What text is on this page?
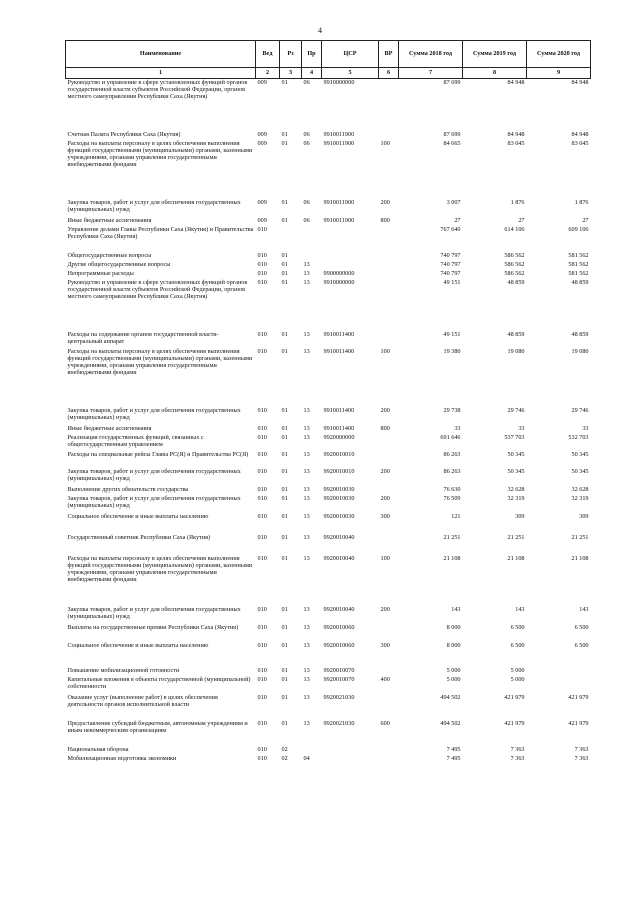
4
Наименование	Вед	Рз	Пр	ЦСР	ВР	Сумма 2018 год	Сумма 2019 год	Сумма 2020 год
1	2	3	4	5	6	7	8	9
Руководство и управление в сфере установленных функций органов государственной власти субъектов Российской Федерации, органов местного самоуправления Республики Саха (Якутия)	009	01	06	9910000000		87 699	84 948	84 948
Счетная Палата Республики Саха (Якутия)	009	01	06	9910011900		87 699	84 948	84 948
Расходы на выплаты персоналу в целях обеспечения выполнения функций государственными (муниципальными) органами, казенными учреждениями, органами управления государственными внебюджетными фондами	009	01	06	9910011900	100	84 665	83 045	83 045
Закупка товаров, работ и услуг для обеспечения государственных (муниципальных) нужд	009	01	06	9910011900	200	3 007	1 876	1 876
Иные бюджетные ассигнования	009	01	06	9910011900	800	27	27	27
Управление делами Главы Республики Саха (Якутия) и Правительства Республики Саха (Якутия)	010					767 640	614 106	609 106
Общегосударственные вопросы	010	01				740 797	586 562	581 562
Другие общегосударственные вопросы	010	01	13			740 797	586 562	581 562
Непрограммные расходы	010	01	13	9900000000		740 797	586 562	581 562
Руководство и управление в сфере установленных функций органов государственной власти субъектов Российской Федерации, органов местного самоуправления Республики Саха (Якутия)	010	01	13	9910000000		49 151	48 859	48 859
Расходы на содержание органов государственной власти- центральный аппарат	010	01	13	9910011400		49 151	48 859	48 859
Расходы на выплаты персоналу в целях обеспечения выполнения функций государственными (муниципальными) органами, казенными учреждениями, органами управления государственными внебюджетными фондами	010	01	13	9910011400	100	19 380	19 080	19 080
Закупка товаров, работ и услуг для обеспечения государственных (муниципальных) нужд	010	01	13	9910011400	200	29 738	29 746	29 746
Иные бюджетные ассигнования	010	01	13	9910011400	800	33	33	33
Реализация государственных функций, связанных с общегосударственным управлением	010	01	13	9920000000		691 646	537 703	532 703
Расходы на специальные рейсы Главы РС(Я) и Правительства РС(Я)	010	01	13	9920010010		86 263	50 345	50 345
Закупка товаров, работ и услуг для обеспечения государственных (муниципальных) нужд	010	01	13	9920010010	200	86 263	50 345	50 345
Выполнение других обязательств государства	010	01	13	9920010030		76 630	32 628	32 628
Закупка товаров, работ и услуг для обеспечения государственных (муниципальных) нужд	010	01	13	9920010030	200	76 509	32 319	32 319
Социальное обеспечение и иные выплаты населению	010	01	13	9920010030	300	121	309	309
Государственный советник Республики Саха (Якутия)	010	01	13	9920010040		21 251	21 251	21 251
Расходы на выплаты персоналу в целях обеспечения выполнения функций государственными (муниципальными) органами, казенными учреждениями, органами управления государственными внебюджетными фондами	010	01	13	9920010040	100	21 108	21 108	21 108
Закупка товаров, работ и услуг для обеспечения государственных (муниципальных) нужд	010	01	13	9920010040	200	143	143	143
Выплаты на государственные премии Республики Саха (Якутия)	010	01	13	9920010060		8 000	6 500	6 500
Социальное обеспечение и иные выплаты населению	010	01	13	9920010060	300	8 000	6 500	6 500
Повышение мобилизационной готовности	010	01	13	9920010070		5 000	5 000	
Капитальные вложения в объекты государственной (муниципальной) собственности	010	01	13	9920010070	400	5 000	5 000	
Оказание услуг (выполнение работ) в целях обеспечения деятельности органов исполнительной власти	010	01	13	9920021030		494 502	421 979	421 979
Предоставление субсидий бюджетным, автономным учреждениям и иным некоммерческим организациям	010	01	13	9920021030	600	494 502	421 979	421 979
Национальная оборона	010	02				7 495	7 363	7 363
Мобилизационная подготовка экономики	010	02	04			7 495	7 363	7 363
